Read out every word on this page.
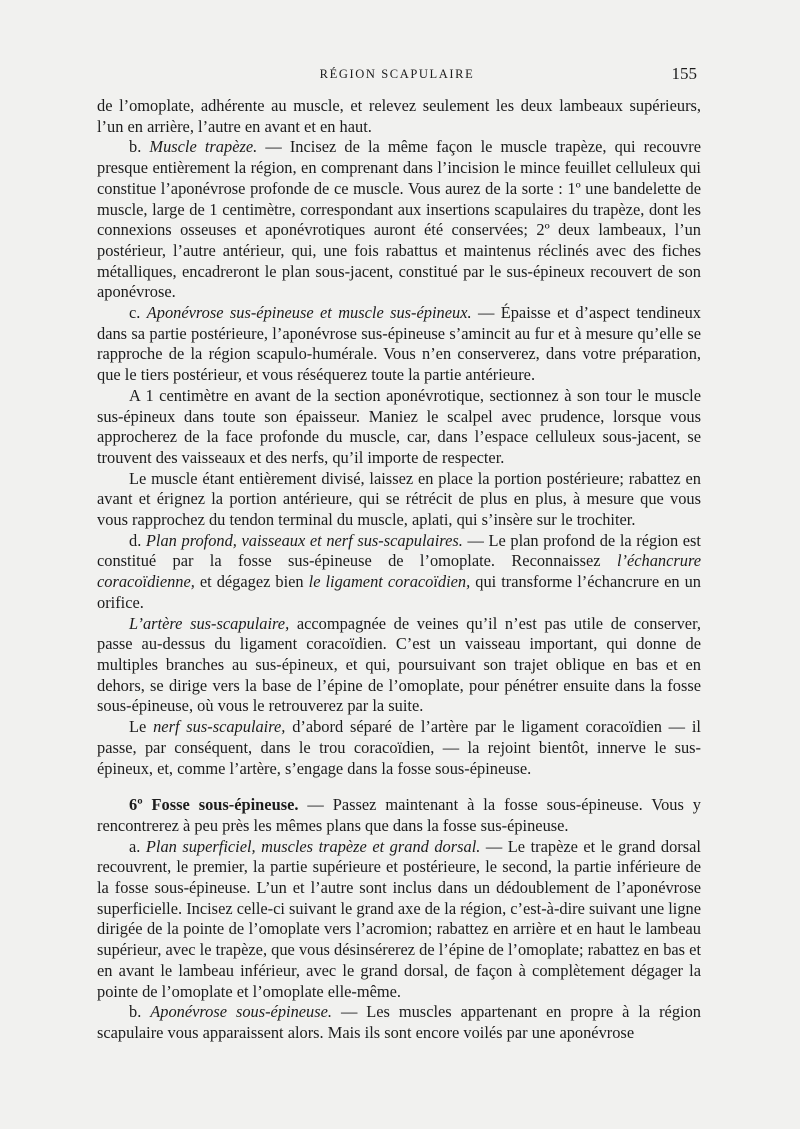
RÉGION SCAPULAIRE	155

de l’omoplate, adhérente au muscle, et relevez seulement les deux lambeaux supérieurs, l’un en arrière, l’autre en avant et en haut.

b. Muscle trapèze. — Incisez de la même façon le muscle trapèze, qui recouvre presque entièrement la région, en comprenant dans l’incision le mince feuillet celluleux qui constitue l’aponévrose profonde de ce muscle. Vous aurez de la sorte : 1º une bandelette de muscle, large de 1 centimètre, correspondant aux insertions scapulaires du trapèze, dont les connexions osseuses et aponévrotiques auront été conservées; 2º deux lambeaux, l’un postérieur, l’autre antérieur, qui, une fois rabattus et maintenus réclinés avec des fiches métalliques, encadreront le plan sous-jacent, constitué par le sus-épineux recouvert de son aponévrose.

c. Aponévrose sus-épineuse et muscle sus-épineux. — Épaisse et d’aspect tendineux dans sa partie postérieure, l’aponévrose sus-épineuse s’amincit au fur et à mesure qu’elle se rapproche de la région scapulo-humérale. Vous n’en conserverez, dans votre préparation, que le tiers postérieur, et vous réséquerez toute la partie antérieure.

A 1 centimètre en avant de la section aponévrotique, sectionnez à son tour le muscle sus-épineux dans toute son épaisseur. Maniez le scalpel avec prudence, lorsque vous approcherez de la face profonde du muscle, car, dans l’espace celluleux sous-jacent, se trouvent des vaisseaux et des nerfs, qu’il importe de respecter.

Le muscle étant entièrement divisé, laissez en place la portion postérieure; rabattez en avant et érignez la portion antérieure, qui se rétrécit de plus en plus, à mesure que vous vous rapprochez du tendon terminal du muscle, aplati, qui s’insère sur le trochiter.

d. Plan profond, vaisseaux et nerf sus-scapulaires. — Le plan profond de la région est constitué par la fosse sus-épineuse de l’omoplate. Reconnaissez l’échancrure coracoïdienne, et dégagez bien le ligament coracoïdien, qui transforme l’échancrure en un orifice.

L’artère sus-scapulaire, accompagnée de veines qu’il n’est pas utile de conserver, passe au-dessus du ligament coracoïdien. C’est un vaisseau important, qui donne de multiples branches au sus-épineux, et qui, poursuivant son trajet oblique en bas et en dehors, se dirige vers la base de l’épine de l’omoplate, pour pénétrer ensuite dans la fosse sous-épineuse, où vous le retrouverez par la suite.

Le nerf sus-scapulaire, d’abord séparé de l’artère par le ligament coracoïdien — il passe, par conséquent, dans le trou coracoïdien, — la rejoint bientôt, innerve le sus-épineux, et, comme l’artère, s’engage dans la fosse sous-épineuse.

6º Fosse sous-épineuse. — Passez maintenant à la fosse sous-épineuse. Vous y rencontrerez à peu près les mêmes plans que dans la fosse sus-épineuse.

a. Plan superficiel, muscles trapèze et grand dorsal. — Le trapèze et le grand dorsal recouvrent, le premier, la partie supérieure et postérieure, le second, la partie inférieure de la fosse sous-épineuse. L’un et l’autre sont inclus dans un dédoublement de l’aponévrose superficielle. Incisez celle-ci suivant le grand axe de la région, c’est-à-dire suivant une ligne dirigée de la pointe de l’omoplate vers l’acromion; rabattez en arrière et en haut le lambeau supérieur, avec le trapèze, que vous désinsérerez de l’épine de l’omoplate; rabattez en bas et en avant le lambeau inférieur, avec le grand dorsal, de façon à complètement dégager la pointe de l’omoplate et l’omoplate elle-même.

b. Aponévrose sous-épineuse. — Les muscles appartenant en propre à la région scapulaire vous apparaissent alors. Mais ils sont encore voilés par une aponévrose
